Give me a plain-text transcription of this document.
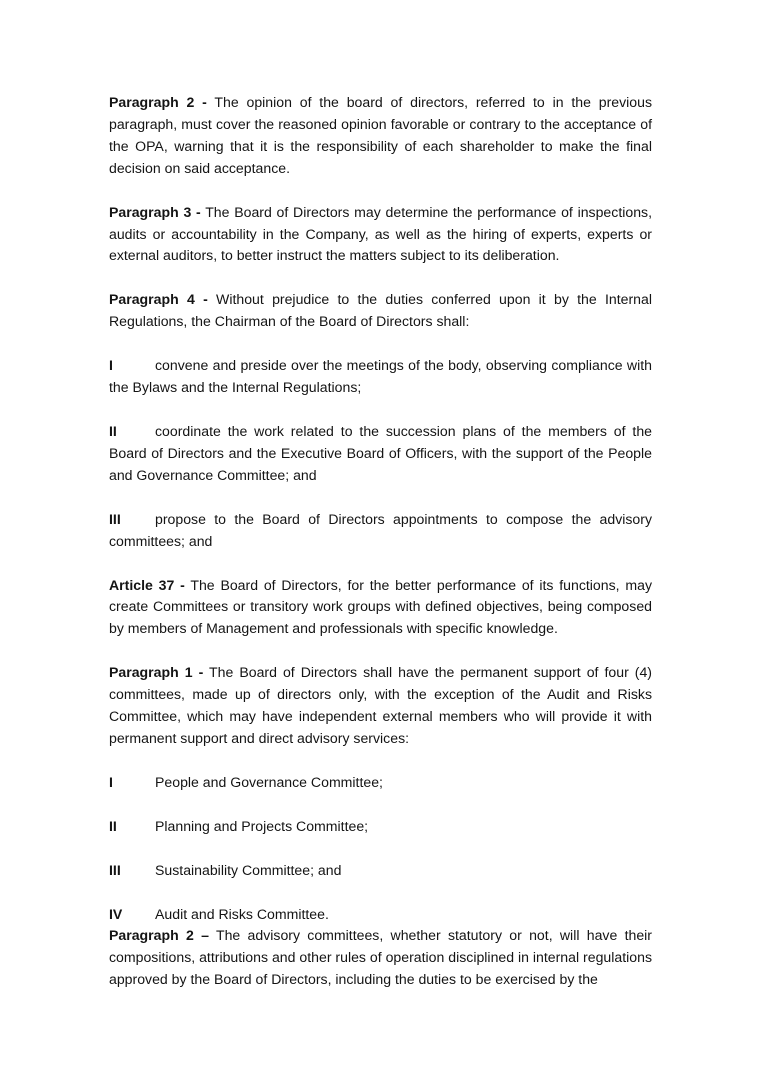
Paragraph 2 - The opinion of the board of directors, referred to in the previous paragraph, must cover the reasoned opinion favorable or contrary to the acceptance of the OPA, warning that it is the responsibility of each shareholder to make the final decision on said acceptance.

Paragraph 3 - The Board of Directors may determine the performance of inspections, audits or accountability in the Company, as well as the hiring of experts, experts or external auditors, to better instruct the matters subject to its deliberation.

Paragraph 4 - Without prejudice to the duties conferred upon it by the Internal Regulations, the Chairman of the Board of Directors shall:

I	convene and preside over the meetings of the body, observing compliance with the Bylaws and the Internal Regulations;

II	coordinate the work related to the succession plans of the members of the Board of Directors and the Executive Board of Officers, with the support of the People and Governance Committee; and

III propose to the Board of Directors appointments to compose the advisory committees; and

Article 37 - The Board of Directors, for the better performance of its functions, may create Committees or transitory work groups with defined objectives, being composed by members of Management and professionals with specific knowledge.

Paragraph 1 - The Board of Directors shall have the permanent support of four (4) committees, made up of directors only, with the exception of the Audit and Risks Committee, which may have independent external members who will provide it with permanent support and direct advisory services:

I	People and Governance Committee;

II	Planning and Projects Committee;

III Sustainability Committee; and

IV Audit and Risks Committee.

Paragraph 2 – The advisory committees, whether statutory or not, will have their compositions, attributions and other rules of operation disciplined in internal regulations approved by the Board of Directors, including the duties to be exercised by the
